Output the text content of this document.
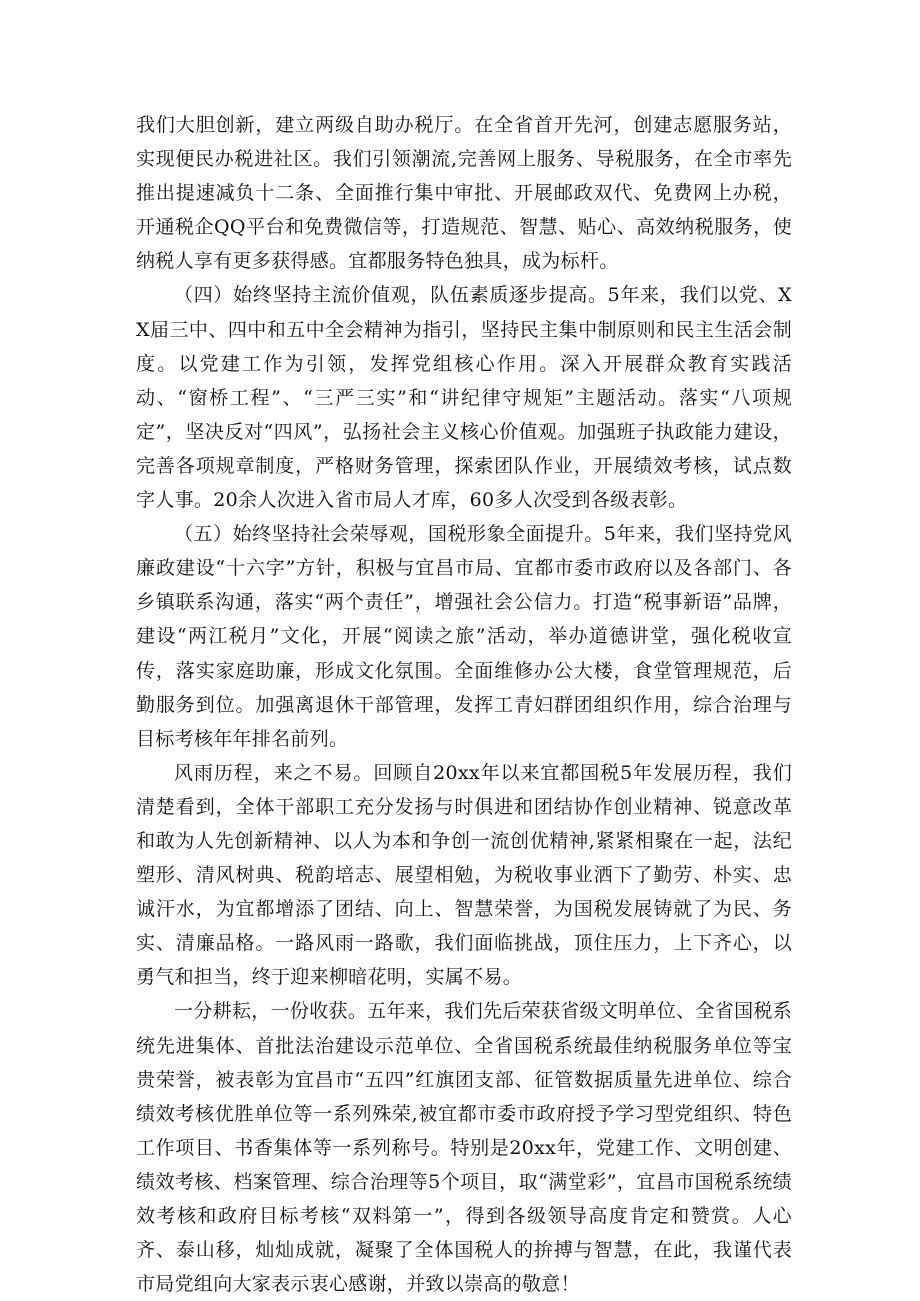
我们大胆创新，建立两级自助办税厅。在全省首开先河，创建志愿服务站，实现便民办税进社区。我们引领潮流,完善网上服务、导税服务，在全市率先推出提速减负十二条、全面推行集中审批、开展邮政双代、免费网上办税，开通税企QQ平台和免费微信等，打造规范、智慧、贴心、高效纳税服务，使纳税人享有更多获得感。宜都服务特色独具，成为标杆。

（四）始终坚持主流价值观，队伍素质逐步提高。5年来，我们以党、XX届三中、四中和五中全会精神为指引，坚持民主集中制原则和民主生活会制度。以党建工作为引领，发挥党组核心作用。深入开展群众教育实践活动、“窗桥工程”、“三严三实”和“讲纪律守规矩”主题活动。落实“八项规定”，坚决反对“四风”，弘扬社会主义核心价值观。加强班子执政能力建设，完善各项规章制度，严格财务管理，探索团队作业，开展绩效考核，试点数字人事。20余人次进入省市局人才库，60多人次受到各级表彰。

（五）始终坚持社会荣辱观，国税形象全面提升。5年来，我们坚持党风廉政建设“十六字”方针，积极与宜昌市局、宜都市委市政府以及各部门、各乡镇联系沟通，落实“两个责任”，增强社会公信力。打造“税事新语”品牌，建设“两江税月”文化，开展“阅读之旅”活动，举办道德讲堂，强化税收宣传，落实家庭助廉，形成文化氛围。全面维修办公大楼，食堂管理规范，后勤服务到位。加强离退休干部管理，发挥工青妇群团组织作用，综合治理与目标考核年年排名前列。

风雨历程，来之不易。回顾自20xx年以来宜都国税5年发展历程，我们清楚看到，全体干部职工充分发扬与时俱进和团结协作创业精神、锐意改革和敢为人先创新精神、以人为本和争创一流创优精神,紧紧相聚在一起，法纪塑形、清风树典、税韵培志、展望相勉，为税收事业洒下了勤劳、朴实、忠诚汗水，为宜都增添了团结、向上、智慧荣誉，为国税发展铸就了为民、务实、清廉品格。一路风雨一路歌，我们面临挑战，顶住压力，上下齐心，以勇气和担当，终于迎来柳暗花明，实属不易。

一分耕耘，一份收获。五年来，我们先后荣获省级文明单位、全省国税系统先进集体、首批法治建设示范单位、全省国税系统最佳纳税服务单位等宝贵荣誉，被表彰为宜昌市“五四”红旗团支部、征管数据质量先进单位、综合绩效考核优胜单位等一系列殊荣,被宜都市委市政府授予学习型党组织、特色工作项目、书香集体等一系列称号。特别是20xx年，党建工作、文明创建、绩效考核、档案管理、综合治理等5个项目，取“满堂彩”，宜昌市国税系统绩效考核和政府目标考核“双料第一”，得到各级领导高度肯定和赞赏。人心齐、泰山移，灿灿成就，凝聚了全体国税人的拚搏与智慧，在此，我谨代表市局党组向大家表示衷心感谢，并致以崇高的敬意！
